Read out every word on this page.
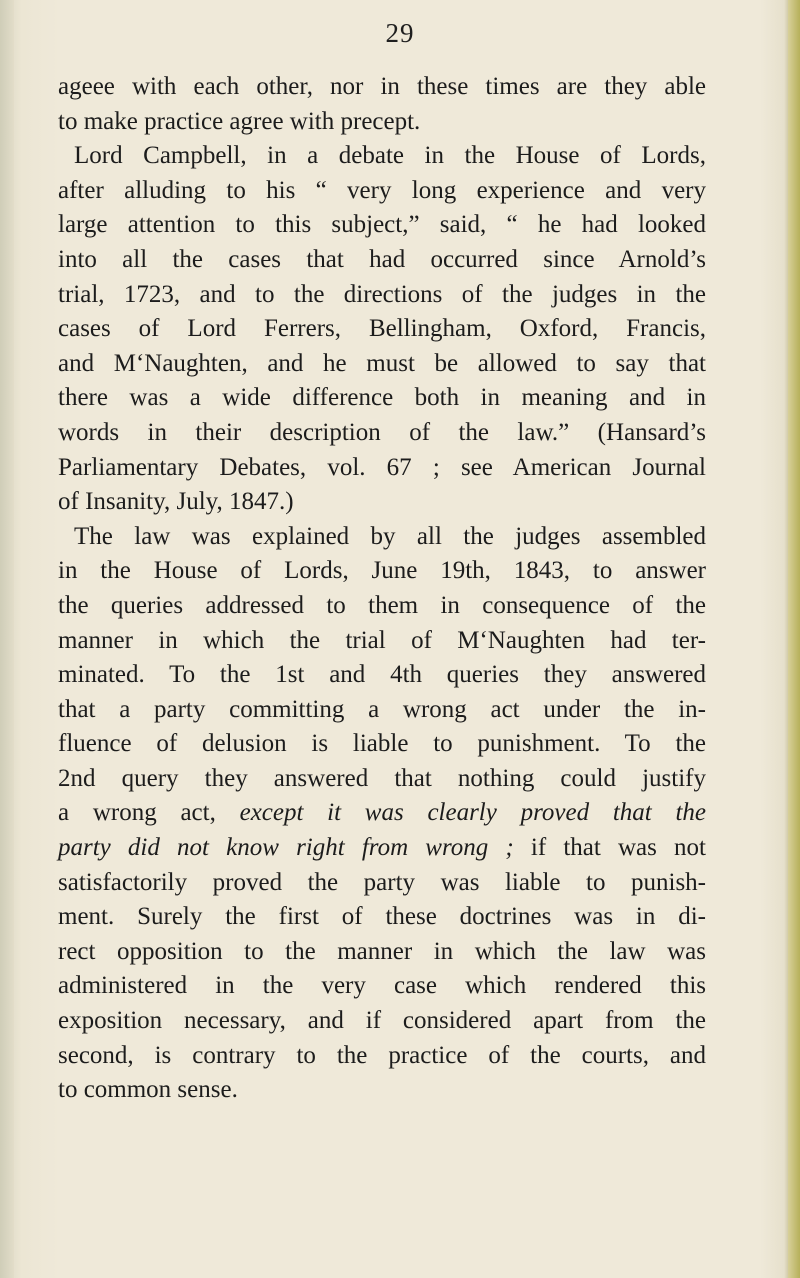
29
ageee with each other, nor in these times are they able
to make practice agree with precept.
Lord Campbell, in a debate in the House of Lords,
after alluding to his “ very long experience and very
large attention to this subject,” said, “ he had looked
into all the cases that had occurred since Arnold’s
trial, 1723, and to the directions of the judges in the
cases of Lord Ferrers, Bellingham, Oxford, Francis,
and M‘Naughten, and he must be allowed to say that
there was a wide difference both in meaning and in
words in their description of the law.” (Hansard’s
Parliamentary Debates, vol. 67 ; see American Journal
of Insanity, July, 1847.)
The law was explained by all the judges assembled
in the House of Lords, June 19th, 1843, to answer
the queries addressed to them in consequence of the
manner in which the trial of M‘Naughten had ter-
minated. To the 1st and 4th queries they answered
that a party committing a wrong act under the in-
fluence of delusion is liable to punishment. To the
2nd query they answered that nothing could justify
a wrong act, except it was clearly proved that the
party did not know right from wrong ; if that was not
satisfactorily proved the party was liable to punish-
ment. Surely the first of these doctrines was in di-
rect opposition to the manner in which the law was
administered in the very case which rendered this
exposition necessary, and if considered apart from the
second, is contrary to the practice of the courts, and
to common sense.
